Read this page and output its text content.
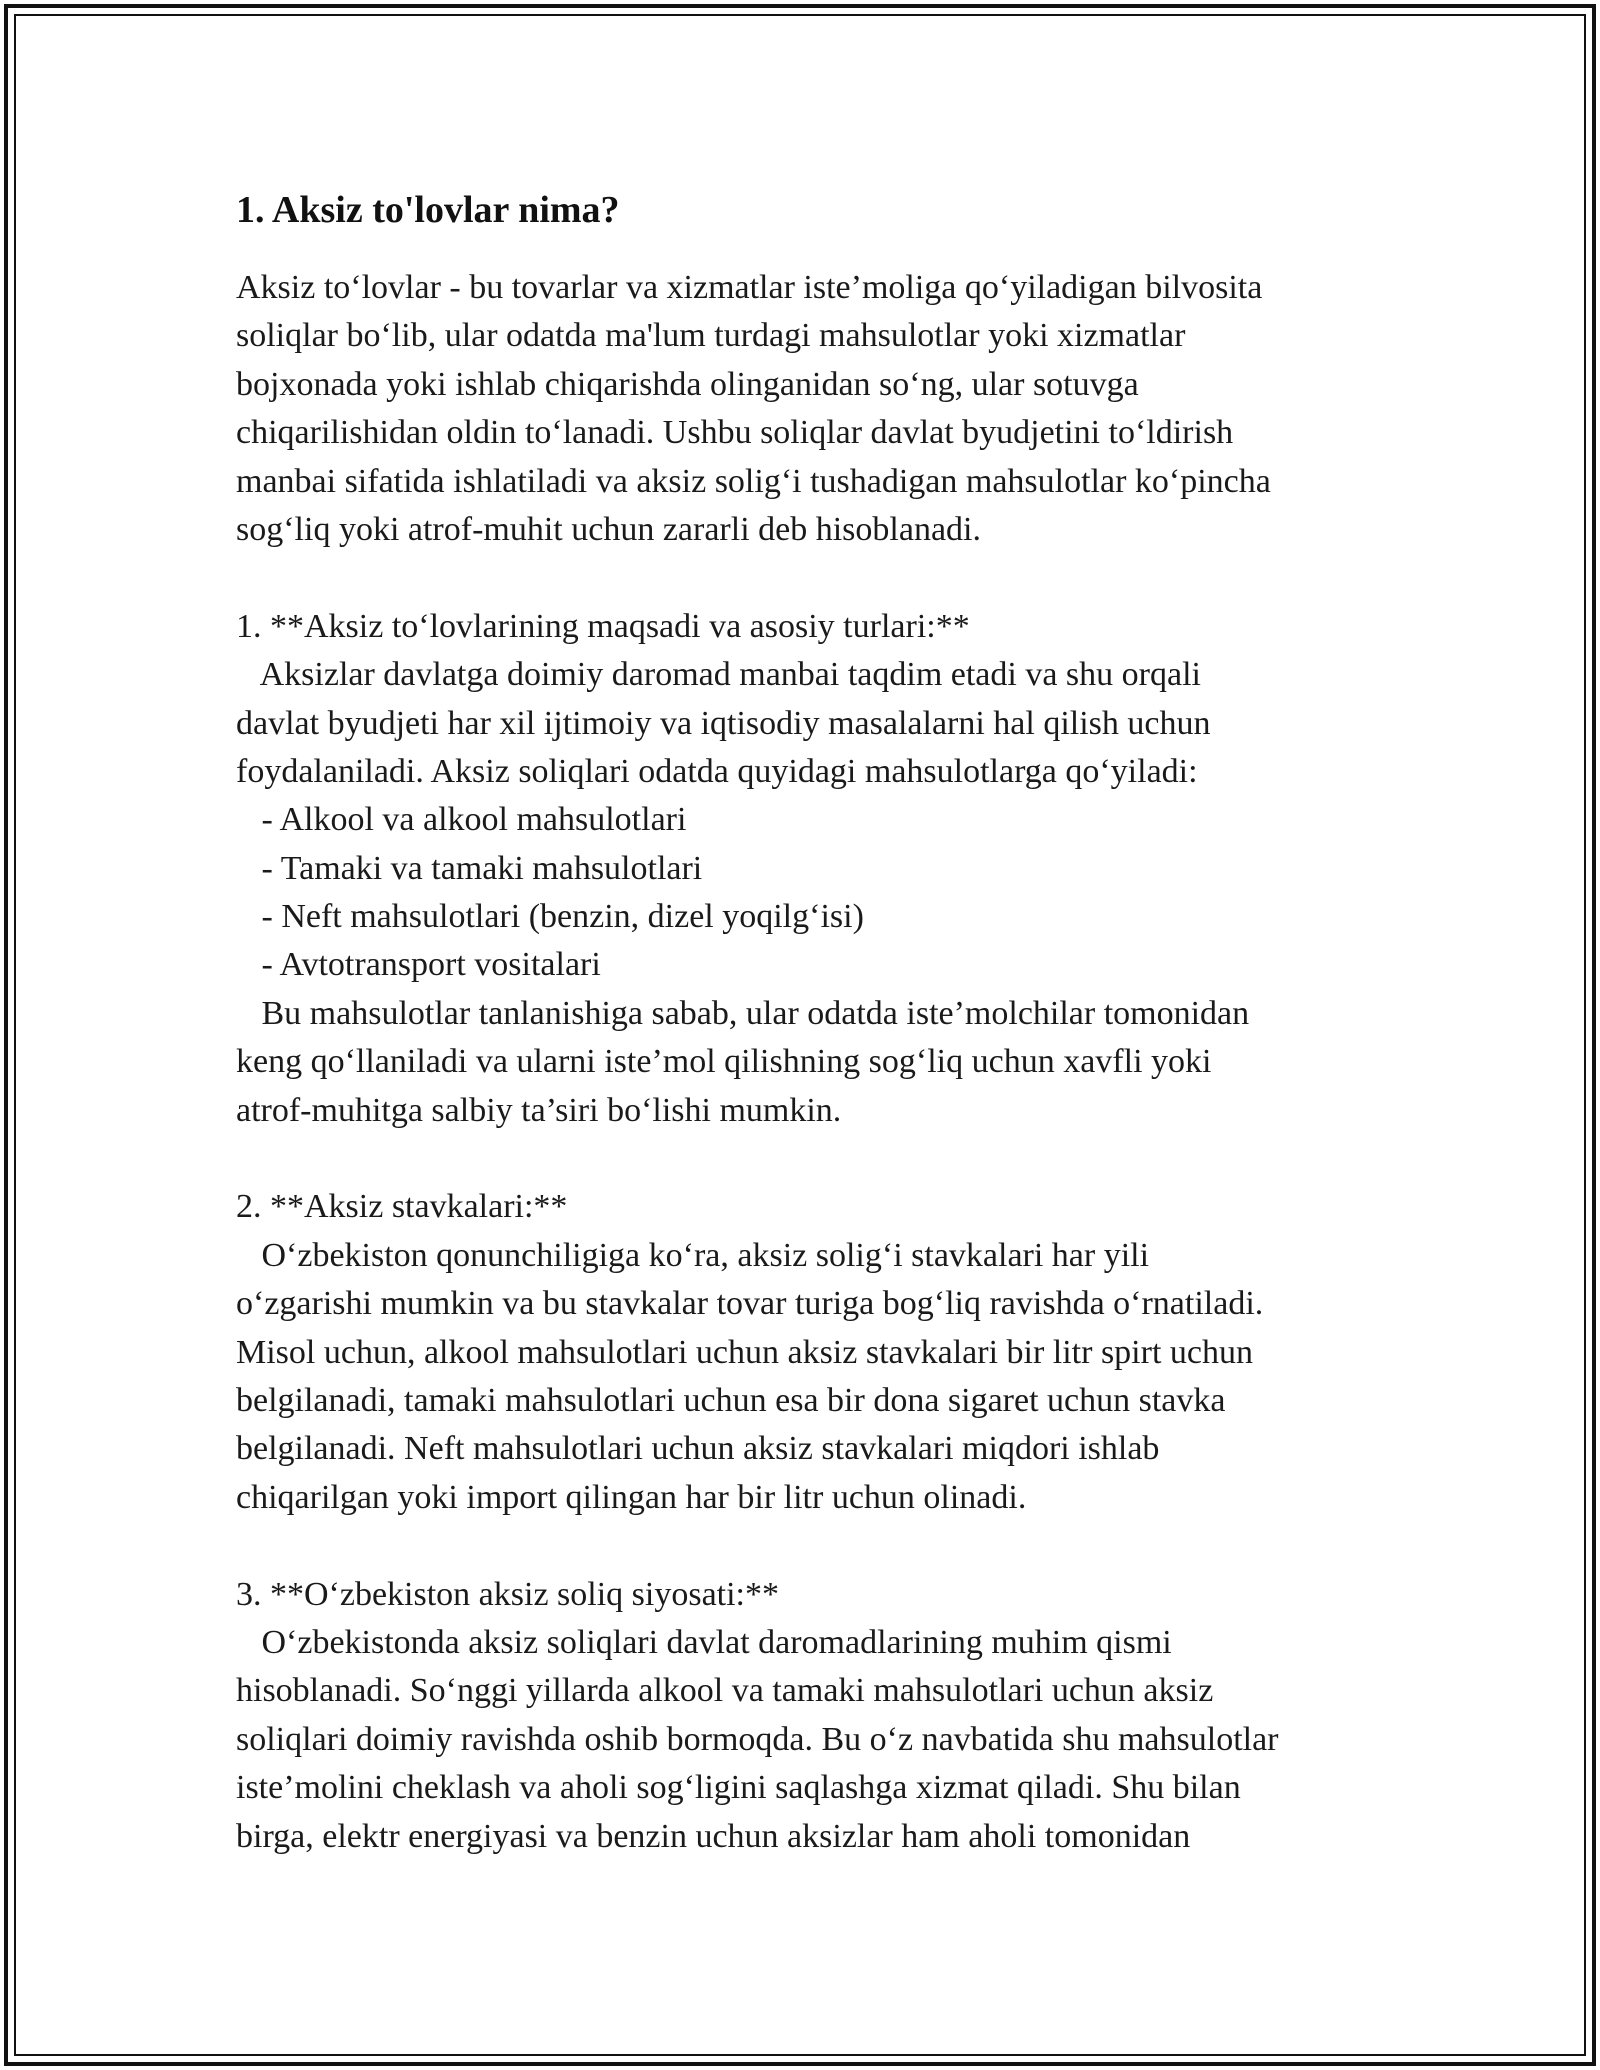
1. Aksiz to'lovlar nima?
Aksiz to‘lovlar - bu tovarlar va xizmatlar iste’moliga qo‘yiladigan bilvosita
soliqlar bo‘lib, ular odatda ma'lum turdagi mahsulotlar yoki xizmatlar
bojxonada yoki ishlab chiqarishda olinganidan so‘ng, ular sotuvga
chiqarilishidan oldin to‘lanadi. Ushbu soliqlar davlat byudjetini to‘ldirish
manbai sifatida ishlatiladi va aksiz solig‘i tushadigan mahsulotlar ko‘pincha
sog‘liq yoki atrof-muhit uchun zararli deb hisoblanadi.
1. **Aksiz to‘lovlarining maqsadi va asosiy turlari:**
Aksizlar davlatga doimiy daromad manbai taqdim etadi va shu orqali
davlat byudjeti har xil ijtimoiy va iqtisodiy masalalarni hal qilish uchun
foydalaniladi. Aksiz soliqlari odatda quyidagi mahsulotlarga qo‘yiladi:
- Alkool va alkool mahsulotlari
- Tamaki va tamaki mahsulotlari
- Neft mahsulotlari (benzin, dizel yoqilg‘isi)
- Avtotransport vositalari
Bu mahsulotlar tanlanishiga sabab, ular odatda iste’molchilar tomonidan
keng qo‘llaniladi va ularni iste’mol qilishning sog‘liq uchun xavfli yoki
atrof-muhitga salbiy ta’siri bo‘lishi mumkin.
2. **Aksiz stavkalari:**
O‘zbekiston qonunchiligiga ko‘ra, aksiz solig‘i stavkalari har yili
o‘zgarishi mumkin va bu stavkalar tovar turiga bog‘liq ravishda o‘rnatiladi.
Misol uchun, alkool mahsulotlari uchun aksiz stavkalari bir litr spirt uchun
belgilanadi, tamaki mahsulotlari uchun esa bir dona sigaret uchun stavka
belgilanadi. Neft mahsulotlari uchun aksiz stavkalari miqdori ishlab
chiqarilgan yoki import qilingan har bir litr uchun olinadi.
3. **O‘zbekiston aksiz soliq siyosati:**
O‘zbekistonda aksiz soliqlari davlat daromadlarining muhim qismi
hisoblanadi. So‘nggi yillarda alkool va tamaki mahsulotlari uchun aksiz
soliqlari doimiy ravishda oshib bormoqda. Bu o‘z navbatida shu mahsulotlar
iste’molini cheklash va aholi sog‘ligini saqlashga xizmat qiladi. Shu bilan
birga, elektr energiyasi va benzin uchun aksizlar ham aholi tomonidan
